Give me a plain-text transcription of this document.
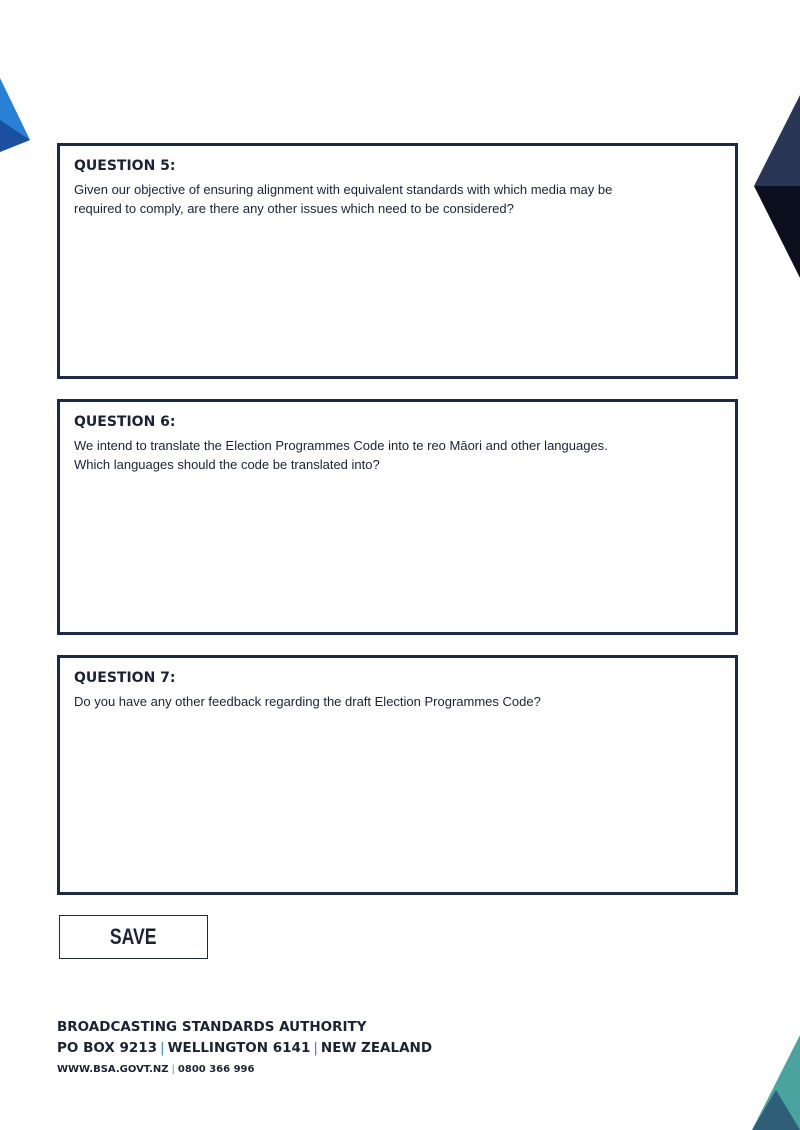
QUESTION 5:

Given our objective of ensuring alignment with equivalent standards with which media may be required to comply, are there any other issues which need to be considered?

QUESTION 6:

We intend to translate the Election Programmes Code into te reo Māori and other languages. Which languages should the code be translated into?

QUESTION 7:

Do you have any other feedback regarding the draft Election Programmes Code?

SAVE
BROADCASTING STANDARDS AUTHORITY
PO BOX 9213 | WELLINGTON 6141 | NEW ZEALAND
WWW.BSA.GOVT.NZ | 0800 366 996
